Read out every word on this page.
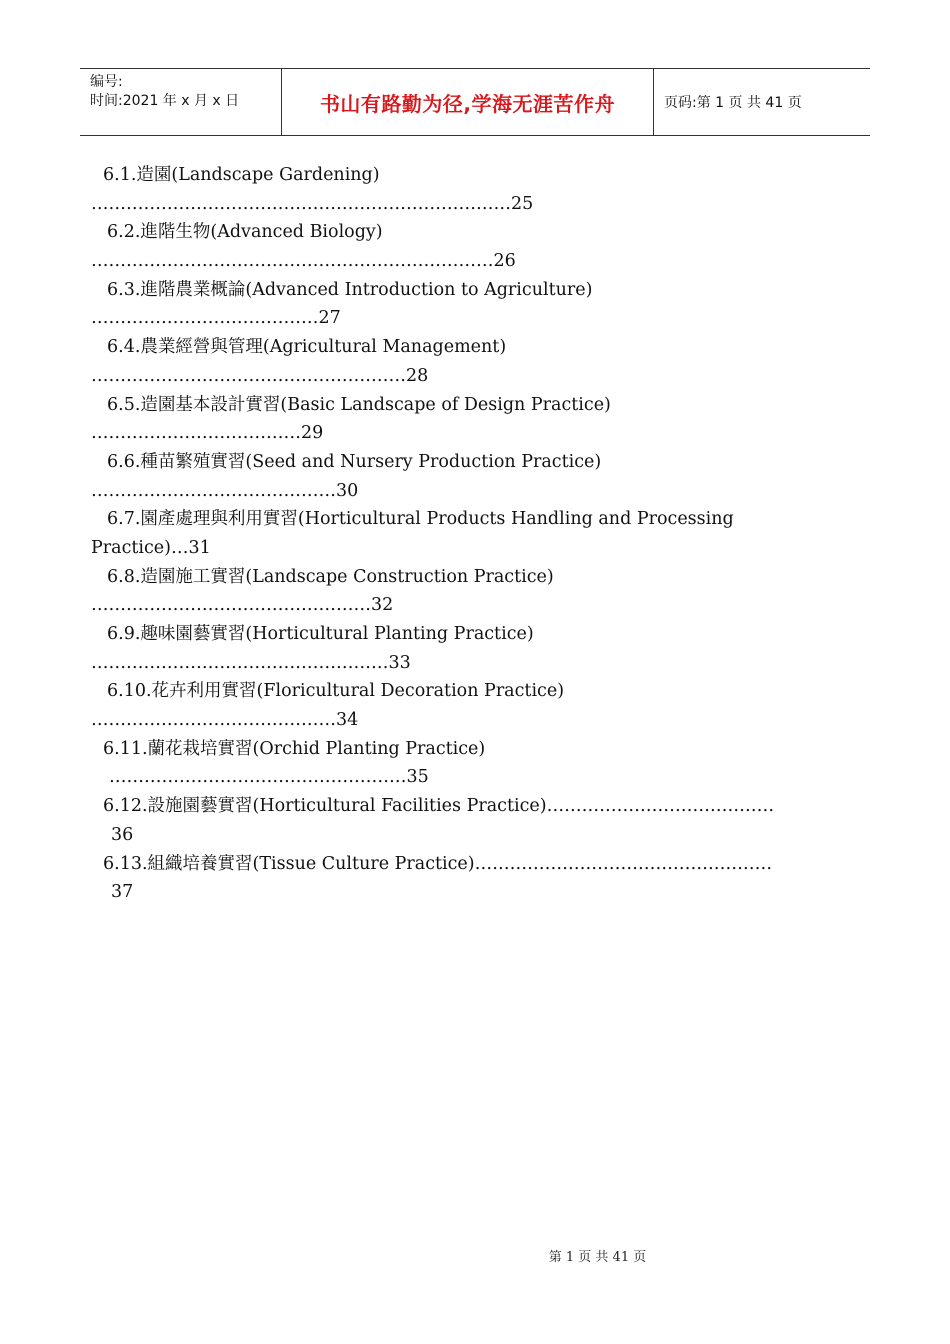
编号:
时间:2021 年 x 月 x 日	书山有路勤为径,学海无涯苦作舟	页码:第 1 页 共 41 页
6.1.造園(Landscape Gardening)
………………………………………………………………25
6.2.進階生物(Advanced Biology)
……………………………………………………………26
6.3.進階農業概論(Advanced Introduction to Agriculture)
…………………………………27
6.4.農業經營與管理(Agricultural Management)
………………………………………………28
6.5.造園基本設計實習(Basic Landscape of Design Practice)
………………………………29
6.6.種苗繁殖實習(Seed and Nursery Production Practice)
……………………………………30
6.7.園產處理與利用實習(Horticultural Products Handling and Processing
Practice)…31
6.8.造園施工實習(Landscape Construction Practice)
…………………………………………32
6.9.趣味園藝實習(Horticultural Planting Practice)
……………………………………………33
6.10.花卉利用實習(Floricultural Decoration Practice)
……………………………………34
6.11.蘭花栽培實習(Orchid Planting Practice)
……………………………………………35
6.12.設施園藝實習(Horticultural Facilities Practice)…………………………………
36
6.13.組織培養實習(Tissue Culture Practice)……………………………………………
37
第 1 页 共 41 页
